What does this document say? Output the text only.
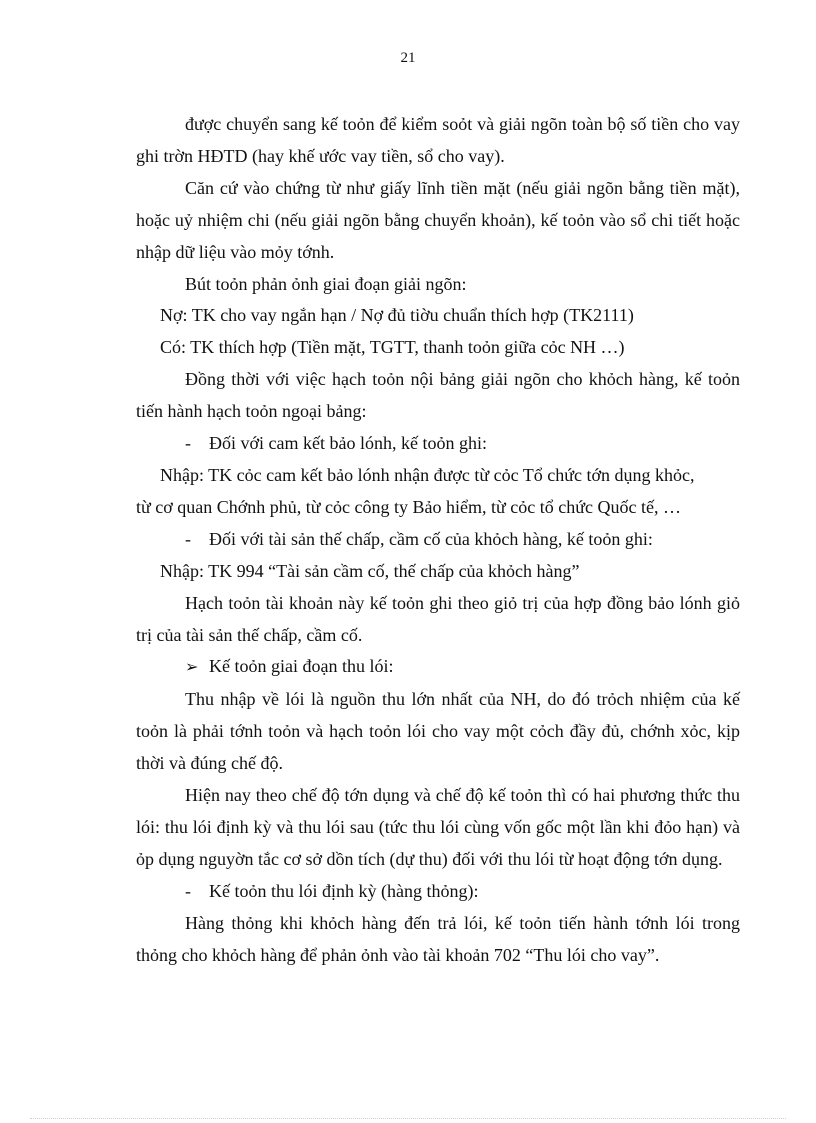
21

được chuyển sang kế toỏn để kiểm soỏt và giải ngõn toàn bộ số tiền cho vay ghi trờn HĐTD (hay khế ước vay tiền, sổ cho vay).

Căn cứ vào chứng từ như giấy lĩnh tiền mặt (nếu giải ngõn bằng tiền mặt), hoặc uỷ nhiệm chi (nếu giải ngõn bằng chuyển khoản), kế toỏn vào sổ chi tiết hoặc nhập dữ liệu vào mỏy tớnh.

Bút toỏn phản ỏnh giai đoạn giải ngõn:

Nợ: TK cho vay ngắn hạn / Nợ đủ tiờu chuẩn thích hợp (TK2111)

Có: TK thích hợp (Tiền mặt, TGTT, thanh toỏn giữa cỏc NH …)

Đồng thời với việc hạch toỏn nội bảng giải ngõn cho khỏch hàng, kế toỏn tiến hành hạch toỏn ngoại bảng:

- Đối với cam kết bảo lónh, kế toỏn ghi:

Nhập: TK cỏc cam kết bảo lónh nhận được từ cỏc Tổ chức tớn dụng khỏc,

từ cơ quan Chớnh phủ, từ cỏc công ty Bảo hiểm, từ cỏc tổ chức Quốc tế, …

- Đối với tài sản thế chấp, cầm cố của khỏch hàng, kế toỏn ghi:

Nhập: TK 994 “Tài sản cầm cố, thế chấp của khỏch hàng”

Hạch toỏn tài khoản này kế toỏn ghi theo giỏ trị của hợp đồng bảo lónh giỏ trị của tài sản thế chấp, cầm cố.

➢ Kế toỏn giai đoạn thu lói:

Thu nhập về lói là nguồn thu lớn nhất của NH, do đó trỏch nhiệm của kế toỏn là phải tớnh toỏn và hạch toỏn lói cho vay một cỏch đầy đủ, chớnh xỏc, kịp thời và đúng chế độ.

Hiện nay theo chế độ tớn dụng và chế độ kế toỏn thì có hai phương thức thu lói: thu lói định kỳ và thu lói sau (tức thu lói cùng vốn gốc một lần khi đỏo hạn) và ỏp dụng nguyờn tắc cơ sở dồn tích (dự thu) đối với thu lói từ hoạt động tớn dụng.

- Kế toỏn thu lói định kỳ (hàng thỏng):

Hàng thỏng khi khỏch hàng đến trả lói, kế toỏn tiến hành tớnh lói trong thỏng cho khỏch hàng để phản ỏnh vào tài khoản 702 “Thu lói cho vay”.
